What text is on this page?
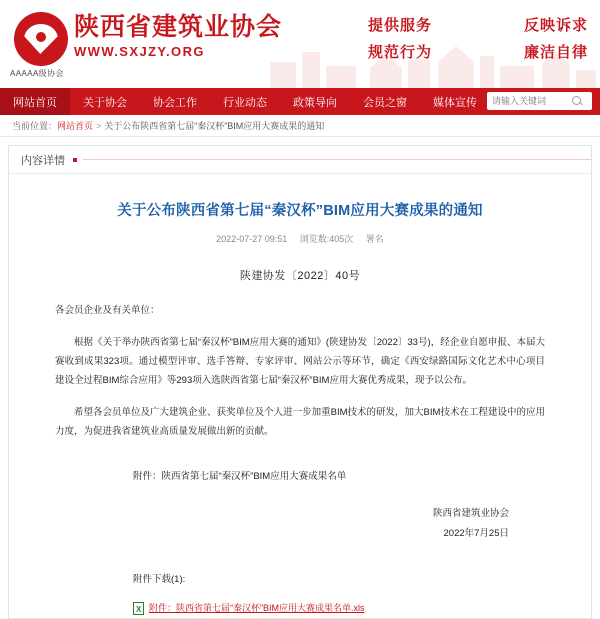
陕西省建筑业协会
WWW.SXJZY.ORG
AAAAA级协会
提供服务	反映诉求
规范行为	廉洁自律
网站首页	关于协会	协会工作	行业动态	政策导向	会员之窗	媒体宣传
请输入关键词
当前位置： 网站首页 > 关于公布陕西省第七届“秦汉杯”BIM应用大赛成果的通知
内容详情
关于公布陕西省第七届“秦汉杯”BIM应用大赛成果的通知
2022-07-27 09:51 浏览数:405次 署名
陕建协发〔2022〕40号

各会员企业及有关单位：

根据《关于举办陕西省第七届“秦汉杯”BIM应用大赛的通知》(陕建协发〔2022〕33号)，经企业自愿申报、本届大赛收到成果323项。通过模型评审、选手答辩、专家评审、网站公示等环节，确定《西安绿路国际文化艺术中心项目建设全过程BIM综合应用》等293项入选陕西省第七届“秦汉杯”BIM应用大赛优秀成果，现予以公布。

希望各会员单位及广大建筑企业、获奖单位及个人进一步加重BIM技术的研发，加大BIM技术在工程建设中的应用力度，为促进我省建筑业高质量发展做出新的贡献。

附件：陕西省第七届“秦汉杯”BIM应用大赛成果名单
陕西省建筑业协会
2022年7月25日
附件下载(1):
X
附件：陕西省第七届“秦汉杯”BIM应用大赛成果名单.xls
